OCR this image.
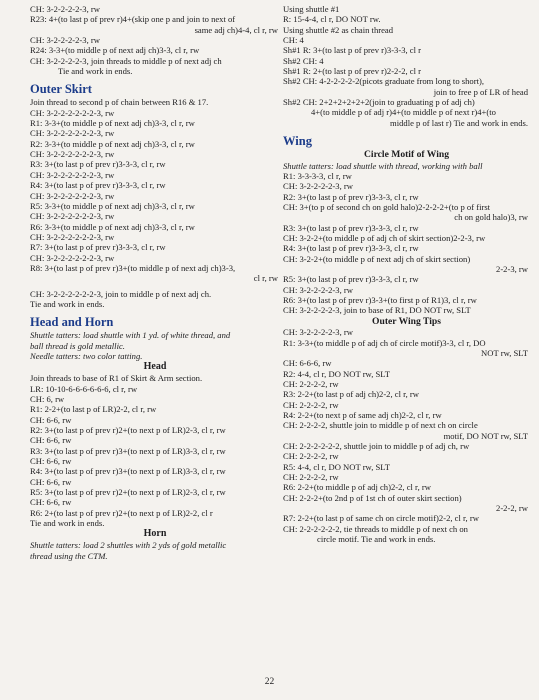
CH: 3-2-2-2-2-3, rw
R23: 4+(to last p of prev r)4+(skip one p and join to next of
same adj ch)4-4, cl r, rw
CH: 3-2-2-2-2-3, rw
R24: 3-3+(to middle p of next adj ch)3-3, cl r, rw
CH: 3-2-2-2-2-3, join threads to middle p of next adj ch
Tie and work in ends.
Outer Skirt
Join thread to second p of chain between R16 & 17.
CH: 3-2-2-2-2-2-2-3, rw
R1: 3-3+(to middle p of next adj ch)3-3, cl r, rw
CH: 3-2-2-2-2-2-2-3, rw
R2: 3-3+(to middle p of next adj ch)3-3, cl r, rw
CH: 3-2-2-2-2-2-2-3, rw
R3: 3+(to last p of prev r)3-3-3, cl r, rw
CH: 3-2-2-2-2-2-2-3, rw
R4: 3+(to last p of prev r)3-3-3, cl r, rw
CH: 3-2-2-2-2-2-2-3, rw
R5: 3-3+(to middle p of next adj ch)3-3, cl r, rw
CH: 3-2-2-2-2-2-2-3, rw
R6: 3-3+(to middle p of next adj ch)3-3, cl r, rw
CH: 3-2-2-2-2-2-2-3, rw
R7: 3+(to last p of prev r)3-3-3, cl r, rw
CH: 3-2-2-2-2-2-2-3, rw
R8: 3+(to last p of prev r)3+(to middle p of next adj ch)3-3,
cl r, rw
CH: 3-2-2-2-2-2-2-3, join to middle p of next adj ch.
Tie and work in ends.
Head and Horn
Shuttle tatters: load shuttle with 1 yd. of white thread, and
ball thread is gold metallic.
Needle tatters: two color tatting.
Head
Join threads to base of R1 of Skirt & Arm section.
LR: 10-10-6-6-6-6-6-6, cl r, rw
CH: 6, rw
R1: 2-2+(to last p of LR)2-2, cl r, rw
CH: 6-6, rw
R2: 3+(to last p of prev r)2+(to next p of LR)2-3, cl r, rw
CH: 6-6, rw
R3: 3+(to last p of prev r)3+(to next p of LR)3-3, cl r, rw
CH: 6-6, rw
R4: 3+(to last p of prev r)3+(to next p of LR)3-3, cl r, rw
CH: 6-6, rw
R5: 3+(to last p of prev r)2+(to next p of LR)2-3, cl r, rw
CH: 6-6, rw
R6: 2+(to last p of prev r)2+(to next p of LR)2-2, cl r
Tie and work in ends.
Horn
Shuttle tatters: load 2 shuttles with 2 yds of gold metallic
thread using the CTM.
Using shuttle #1
R: 15-4-4, cl r, DO NOT rw.
Using shuttle #2 as chain thread
CH: 4
Sh#1 R: 3+(to last p of prev r)3-3-3, cl r
Sh#2 CH: 4
Sh#1 R: 2+(to last p of prev r)2-2-2, cl r
Sh#2 CH: 4-2-2-2-2-2(picots graduate from long to short),
join to free p of LR of head
Sh#2 CH: 2+2+2+2+2+2(join to graduating p of adj ch)
4+(to middle p of adj r)4+(to middle p of next r)4+(to
middle p of last r) Tie and work in ends.
Wing
Circle Motif of Wing
Shuttle tatters: load shuttle with thread, working with ball
R1: 3-3-3-3, cl r, rw
CH: 3-2-2-2-2-3, rw
R2: 3+(to last p of prev r)3-3-3, cl r, rw
CH: 3+(to p of second ch on gold halo)2-2-2-2+(to p of first
ch on gold halo)3, rw
R3: 3+(to last p of prev r)3-3-3, cl r, rw
CH: 3-2-2+(to middle p of adj ch of skirt section)2-2-3, rw
R4: 3+(to last p of prev r)3-3-3, cl r, rw
CH: 3-2-2+(to middle p of next adj ch of skirt section)
2-2-3, rw
R5: 3+(to last p of prev r)3-3-3, cl r, rw
CH: 3-2-2-2-2-3, rw
R6: 3+(to last p of prev r)3-3+(to first p of R1)3, cl r, rw
CH: 3-2-2-2-2-3, join to base of R1, DO NOT rw, SLT
Outer Wing Tips
CH: 3-2-2-2-2-3, rw
R1: 3-3+(to middle p of adj ch of circle motif)3-3, cl r, DO
NOT rw, SLT
CH: 6-6-6, rw
R2: 4-4, cl r, DO NOT rw, SLT
CH: 2-2-2-2, rw
R3: 2-2+(to last p of adj ch)2-2, cl r, rw
CH: 2-2-2-2, rw
R4: 2-2+(to next p of same adj ch)2-2, cl r, rw
CH: 2-2-2-2, shuttle join to middle p of next ch on circle
motif, DO NOT rw, SLT
CH: 2-2-2-2-2-2, shuttle join to middle p of adj ch, rw
CH: 2-2-2-2, rw
R5: 4-4, cl r, DO NOT rw, SLT
CH: 2-2-2-2, rw
R6: 2-2+(to middle p of adj ch)2-2, cl r, rw
CH: 2-2-2+(to 2nd p of 1st ch of outer skirt section)
2-2-2, rw
R7: 2-2+(to last p of same ch on circle motif)2-2, cl r, rw
CH: 2-2-2-2-2-2, tie threads to middle p of next ch on
circle motif. Tie and work in ends.
22
